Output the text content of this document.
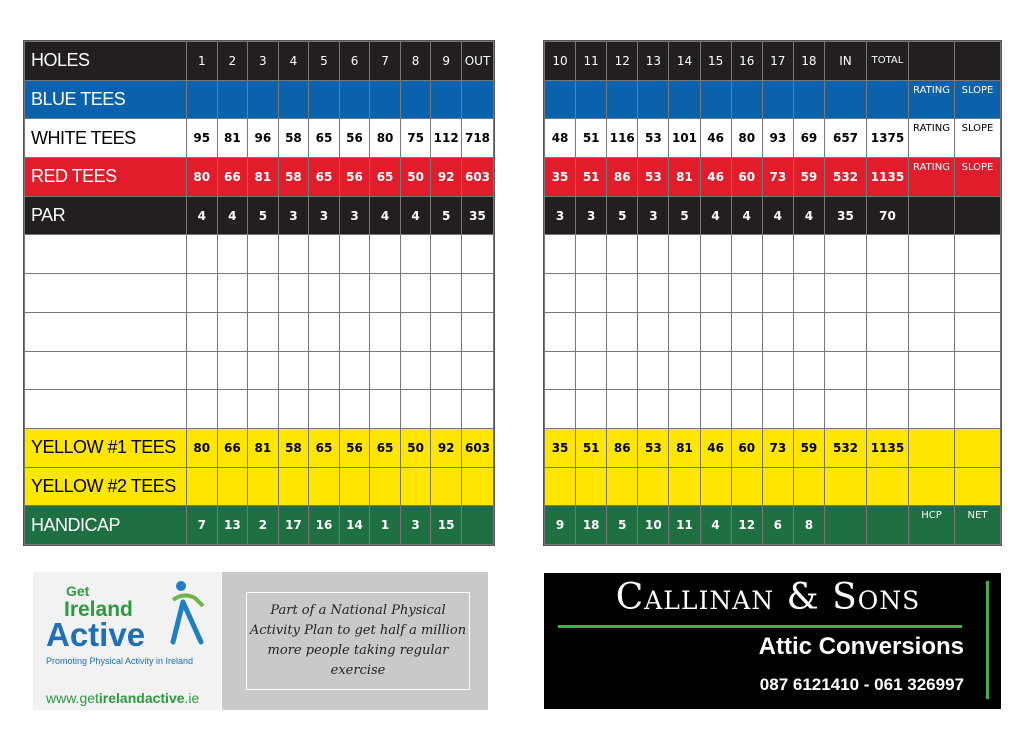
HOLES	1	2	3	4	5	6	7	8	9	OUT
BLUE TEES										
WHITE TEES	95	81	96	58	65	56	80	75	112	718
RED TEES	80	66	81	58	65	56	65	50	92	603
PAR	4	4	5	3	3	3	4	4	5	35

YELLOW #1 TEES	80	66	81	58	65	56	65	50	92	603
YELLOW #2 TEES										
HANDICAP	7	13	2	17	16	14	1	3	15	
10	11	12	13	14	15	16	17	18	IN	TOTAL		
											RATING	SLOPE
48	51	116	53	101	46	80	93	69	657	1375	RATING	SLOPE
35	51	86	53	81	46	60	73	59	532	1135	RATING	SLOPE
3	3	5	3	5	4	4	4	4	35	70		

35	51	86	53	81	46	60	73	59	532	1135		

9	18	5	10	11	4	12	6	8			HCP	NET
Get
Ireland
Active
Promoting Physical Activity in Ireland
www.getirelandactive.ie
Part of a National Physical Activity Plan to get half a million more people taking regular exercise
Callinan & Sons
Attic Conversions
087 6121410 - 061 326997
